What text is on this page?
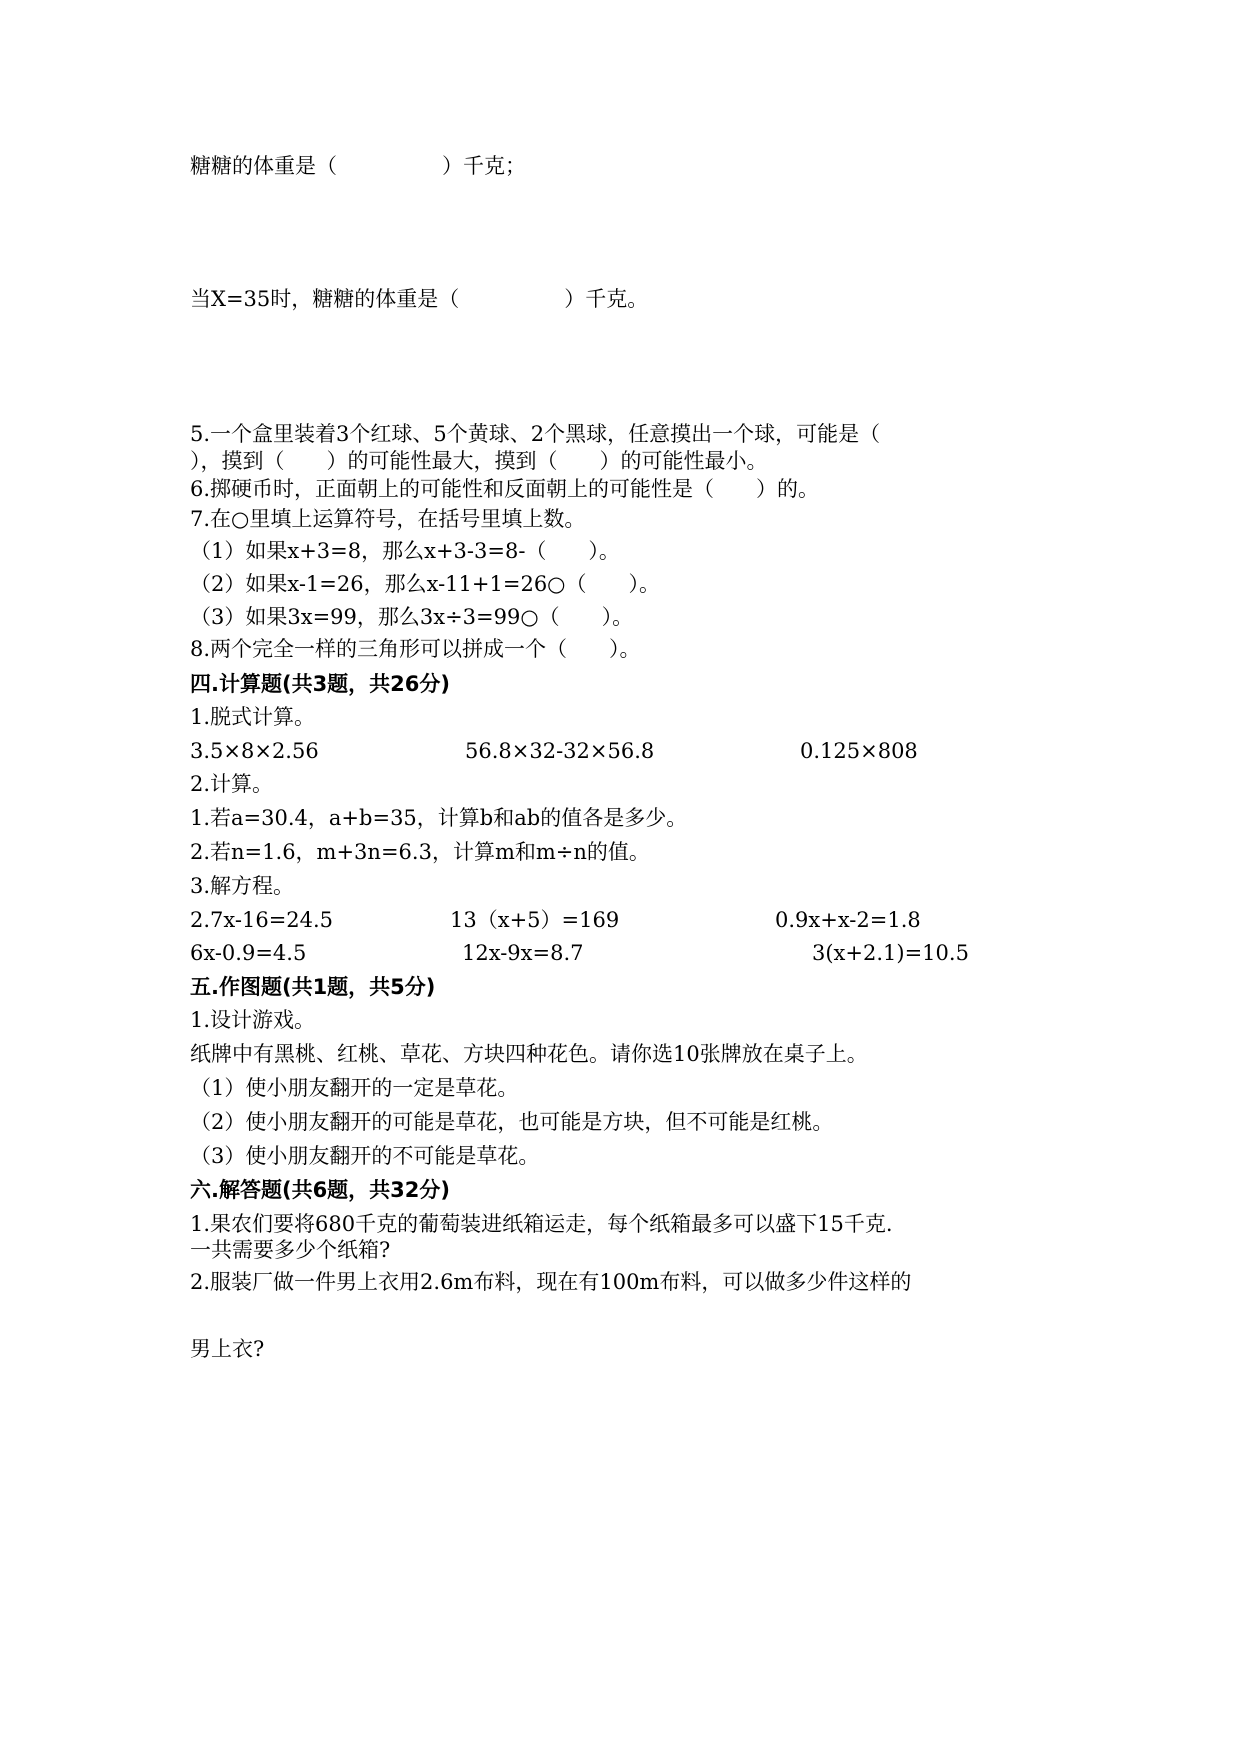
糖糖的体重是（　　　　　）千克；
当X=35时，糖糖的体重是（　　　　　）千克。
5.一个盒里装着3个红球、5个黄球、2个黑球，任意摸出一个球，可能是（
），摸到（　　）的可能性最大，摸到（　　）的可能性最小。
6.掷硬币时，正面朝上的可能性和反面朝上的可能性是（　　）的。
7.在○里填上运算符号，在括号里填上数。
（1）如果x+3=8，那么x+3-3=8-（　　）。
（2）如果x-1=26，那么x-11+1=26○（　　）。
（3）如果3x=99，那么3x÷3=99○（　　）。
8.两个完全一样的三角形可以拼成一个（　　）。
四.计算题(共3题，共26分)
1.脱式计算。
3.5×8×2.56	56.8×32-32×56.8	0.125×808
2.计算。
1.若a=30.4，a+b=35，计算b和ab的值各是多少。
2.若n=1.6，m+3n=6.3，计算m和m÷n的值。
3.解方程。
2.7x-16=24.5	13（x+5）=169	0.9x+x-2=1.8
6x-0.9=4.5	12x-9x=8.7	3(x+2.1)=10.5
五.作图题(共1题，共5分)
1.设计游戏。
纸牌中有黑桃、红桃、草花、方块四种花色。请你选10张牌放在桌子上。
（1）使小朋友翻开的一定是草花。
（2）使小朋友翻开的可能是草花，也可能是方块，但不可能是红桃。
（3）使小朋友翻开的不可能是草花。
六.解答题(共6题，共32分)
1.果农们要将680千克的葡萄装进纸箱运走，每个纸箱最多可以盛下15千克.
一共需要多少个纸箱?
2.服装厂做一件男上衣用2.6m布料，现在有100m布料，可以做多少件这样的
男上衣?
